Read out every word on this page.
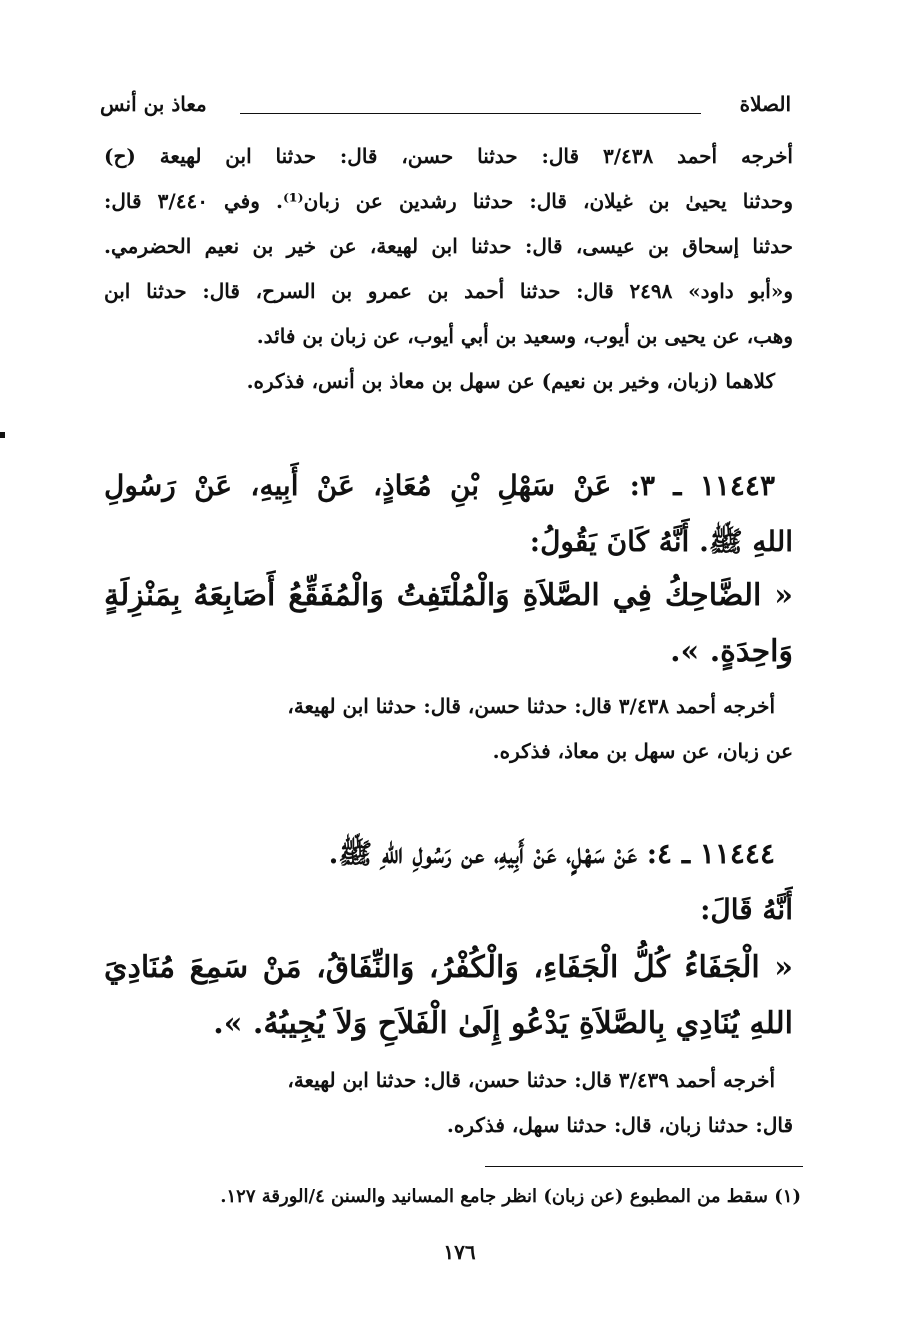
الصلاة
معاذ بن أنس
أخرجه أحمد ٣/٤٣٨ قال: حدثنا حسن، قال: حدثنا ابن لهيعة (ح)
وحدثنا يحيىٰ بن غيلان، قال: حدثنا رشدين عن زبان⁽¹⁾. وفي ٣/٤٤٠ قال:
حدثنا إسحاق بن عيسى، قال: حدثنا ابن لهيعة، عن خير بن نعيم الحضرمي.
و«أبو داود» ٢٤٩٨ قال: حدثنا أحمد بن عمرو بن السرح، قال: حدثنا ابن
وهب، عن يحيى بن أيوب، وسعيد بن أبي أيوب، عن زبان بن فائد.
كلاهما (زبان، وخير بن نعيم) عن سهل بن معاذ بن أنس، فذكره.
١١٤٤٣ ـ ٣: عَنْ سَهْلِ بْنِ مُعَاذٍ، عَنْ أَبِيهِ، عَنْ رَسُولِ
اللهِ ﷺ. أَنَّهُ كَانَ يَقُولُ:
« الضَّاحِكُ فِي الصَّلاَةِ وَالْمُلْتَفِتُ وَالْمُفَقِّعُ أَصَابِعَهُ بِمَنْزِلَةٍ
وَاحِدَةٍ. ».
أخرجه أحمد ٣/٤٣٨ قال: حدثنا حسن، قال: حدثنا ابن لهيعة،
عن زبان، عن سهل بن معاذ، فذكره.
١١٤٤٤ ـ ٤: عَنْ سَهْلٍ، عَنْ أَبِيهِ، عن رَسُولِ اللهِ ﷺ.
أَنَّهُ قَالَ:
« الْجَفَاءُ كُلُّ الْجَفَاءِ، وَالْكُفْرُ، وَالنِّفَاقُ، مَنْ سَمِعَ مُنَادِيَ
اللهِ يُنَادِي بِالصَّلاَةِ يَدْعُو إِلَىٰ الْفَلاَحِ وَلاَ يُجِيبُهُ. ».
أخرجه أحمد ٣/٤٣٩ قال: حدثنا حسن، قال: حدثنا ابن لهيعة،
قال: حدثنا زبان، قال: حدثنا سهل، فذكره.
(١) سقط من المطبوع (عن زبان) انظر جامع المسانيد والسنن ٤/الورقة ١٢٧.
١٧٦
